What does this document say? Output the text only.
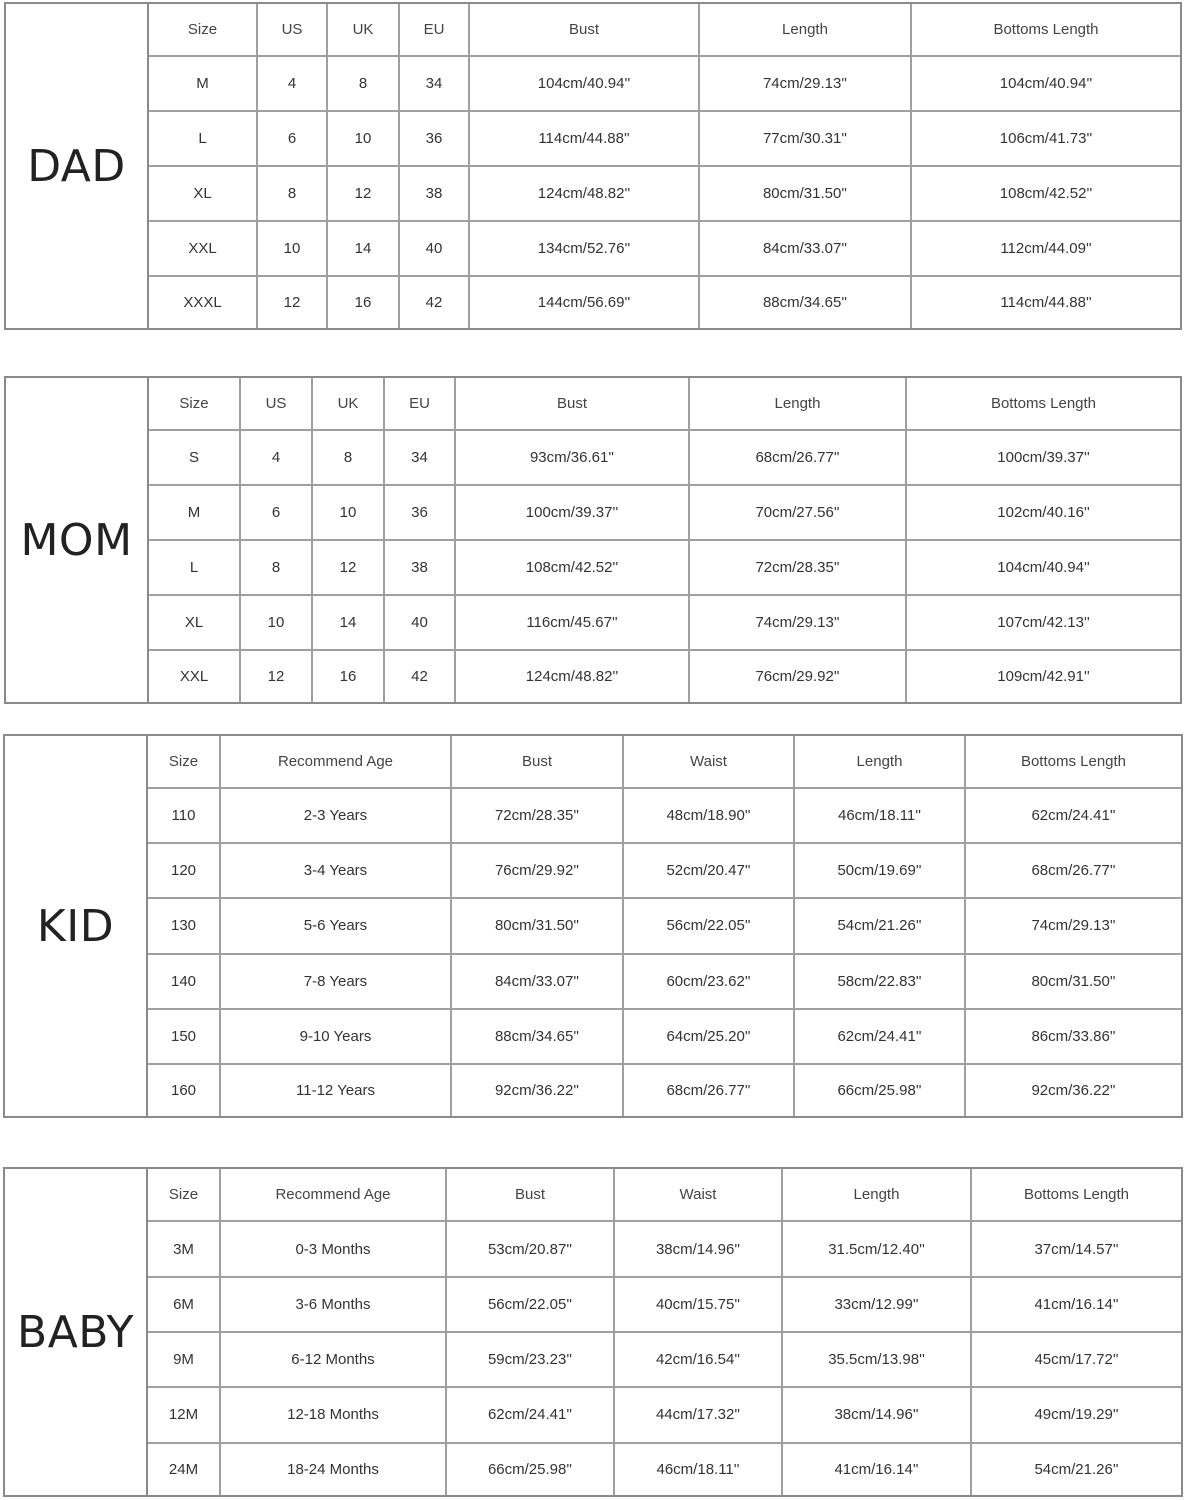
DAD
Size	US	UK	EU	Bust	Length	Bottoms Length
M	4	8	34	104cm/40.94''	74cm/29.13''	104cm/40.94''
L	6	10	36	114cm/44.88''	77cm/30.31''	106cm/41.73''
XL	8	12	38	124cm/48.82''	80cm/31.50''	108cm/42.52''
XXL	10	14	40	134cm/52.76''	84cm/33.07''	112cm/44.09''
XXXL	12	16	42	144cm/56.69''	88cm/34.65''	114cm/44.88''
MOM
Size	US	UK	EU	Bust	Length	Bottoms Length
S	4	8	34	93cm/36.61''	68cm/26.77''	100cm/39.37''
M	6	10	36	100cm/39.37''	70cm/27.56''	102cm/40.16''
L	8	12	38	108cm/42.52''	72cm/28.35''	104cm/40.94''
XL	10	14	40	116cm/45.67''	74cm/29.13''	107cm/42.13''
XXL	12	16	42	124cm/48.82''	76cm/29.92''	109cm/42.91''
KID
Size	Recommend Age	Bust	Waist	Length	Bottoms Length
110	2-3 Years	72cm/28.35''	48cm/18.90''	46cm/18.11''	62cm/24.41''
120	3-4 Years	76cm/29.92''	52cm/20.47''	50cm/19.69''	68cm/26.77''
130	5-6 Years	80cm/31.50''	56cm/22.05''	54cm/21.26''	74cm/29.13''
140	7-8 Years	84cm/33.07''	60cm/23.62''	58cm/22.83''	80cm/31.50''
150	9-10 Years	88cm/34.65''	64cm/25.20''	62cm/24.41''	86cm/33.86''
160	11-12 Years	92cm/36.22''	68cm/26.77''	66cm/25.98''	92cm/36.22''
BABY
Size	Recommend Age	Bust	Waist	Length	Bottoms Length
3M	0-3 Months	53cm/20.87''	38cm/14.96''	31.5cm/12.40''	37cm/14.57''
6M	3-6 Months	56cm/22.05''	40cm/15.75''	33cm/12.99''	41cm/16.14''
9M	6-12 Months	59cm/23.23''	42cm/16.54''	35.5cm/13.98''	45cm/17.72''
12M	12-18 Months	62cm/24.41''	44cm/17.32''	38cm/14.96''	49cm/19.29''
24M	18-24 Months	66cm/25.98''	46cm/18.11''	41cm/16.14''	54cm/21.26''
